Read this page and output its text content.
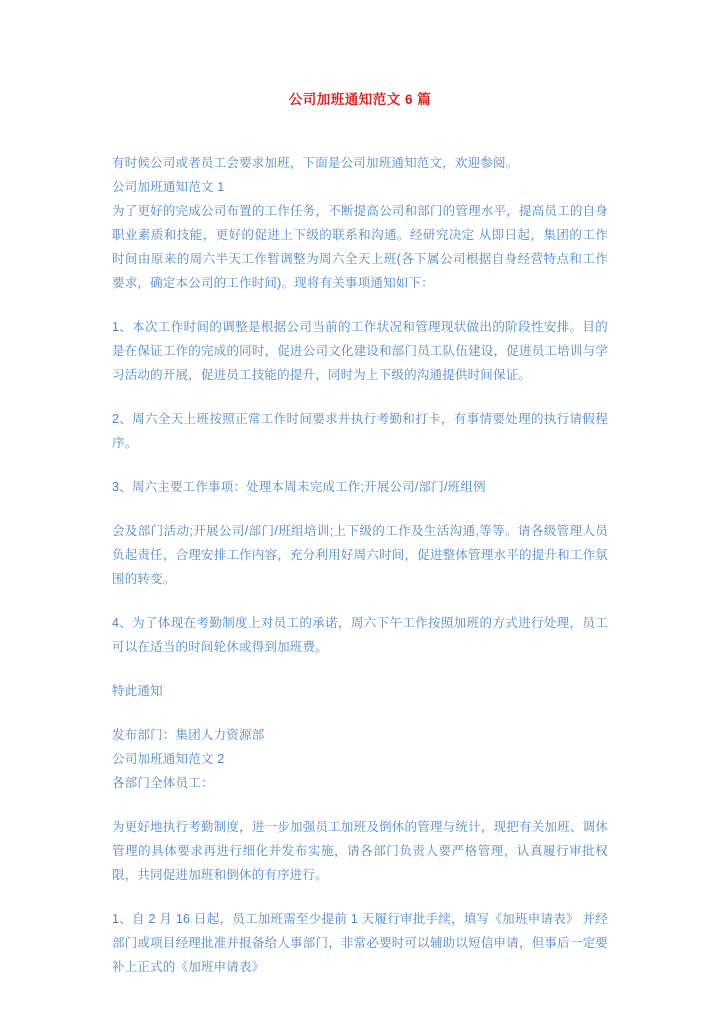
公司加班通知范文 6 篇

有时候公司或者员工会要求加班，下面是公司加班通知范文，欢迎参阅。

公司加班通知范文 1

为了更好的完成公司布置的工作任务，不断提高公司和部门的管理水平，提高员工的自身职业素质和技能，更好的促进上下级的联系和沟通。经研究决定 从即日起，集团的工作时间由原来的周六半天工作暂调整为周六全天上班(各下属公司根据自身经营特点和工作要求，确定本公司的工作时间)。现将有关事项通知如下：

1、本次工作时间的调整是根据公司当前的工作状况和管理现状做出的阶段性安排。目的是在保证工作的完成的同时，促进公司文化建设和部门员工队伍建设，促进员工培训与学习活动的开展，促进员工技能的提升，同时为上下级的沟通提供时间保证。

2、周六全天上班按照正常工作时间要求并执行考勤和打卡，有事情要处理的执行请假程序。

3、周六主要工作事项：处理本周未完成工作;开展公司/部门/班组例

会及部门活动;开展公司/部门/班组培训;上下级的工作及生活沟通,等等。请各级管理人员负起责任，合理安排工作内容，充分利用好周六时间，促进整体管理水平的提升和工作氛围的转变。

4、为了体现在考勤制度上对员工的承诺，周六下午工作按照加班的方式进行处理，员工可以在适当的时间轮休或得到加班费。

特此通知

发布部门：集团人力资源部

公司加班通知范文 2

各部门全体员工：

为更好地执行考勤制度，进一步加强员工加班及倒休的管理与统计，现把有关加班、调休管理的具体要求再进行细化并发布实施，请各部门负责人要严格管理，认真履行审批权限，共同促进加班和倒休的有序进行。

1、自 2 月 16 日起，员工加班需至少提前 1 天履行审批手续，填写《加班申请表》 并经部门或项目经理批准并报备给人事部门，非常必要时可以辅助以短信申请，但事后一定要补上正式的《加班申请表》
